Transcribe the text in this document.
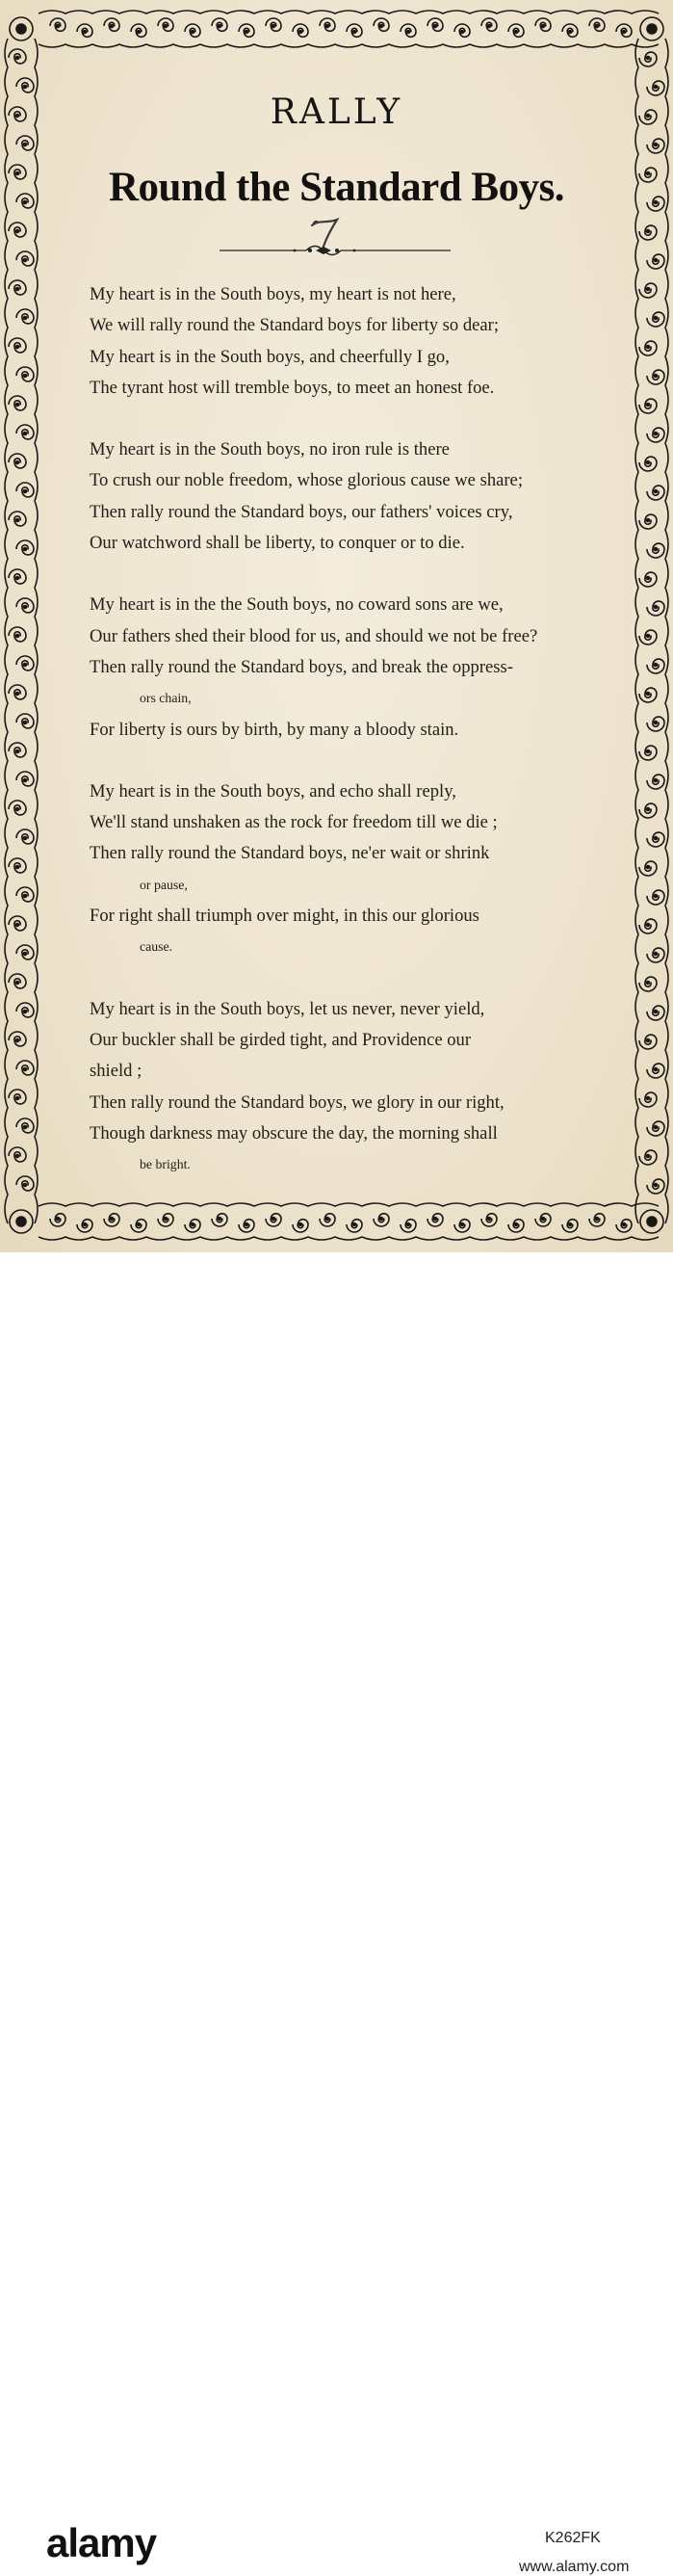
RALLY
Round the Standard Boys.
My heart is in the South boys, my heart is not here,
We will rally round the Standard boys for liberty so dear;
My heart is in the South boys, and cheerfully I go,
The tyrant host will tremble boys, to meet an honest foe.
My heart is in the South boys, no iron rule is there
To crush our noble freedom, whose glorious cause we share;
Then rally round the Standard boys, our fathers' voices cry,
Our watchword shall be liberty, to conquer or to die.
My heart is in the the South boys, no coward sons are we,
Our fathers shed their blood for us, and should we not be free?
Then rally round the Standard boys, and break the oppress-
ors chain,
For liberty is ours by birth, by many a bloody stain.
My heart is in the South boys, and echo shall reply,
We'll stand unshaken as the rock for freedom till we die ;
Then rally round the Standard boys, ne'er wait or shrink
or pause,
For right shall triumph over might, in this our glorious
cause.
My heart is in the South boys, let us never, never yield,
Our buckler shall be girded tight, and Providence our
shield ;
Then rally round the Standard boys, we glory in our right,
Though darkness may obscure the day, the morning shall
be bright.
alamy	K262FK
www.alamy.com
